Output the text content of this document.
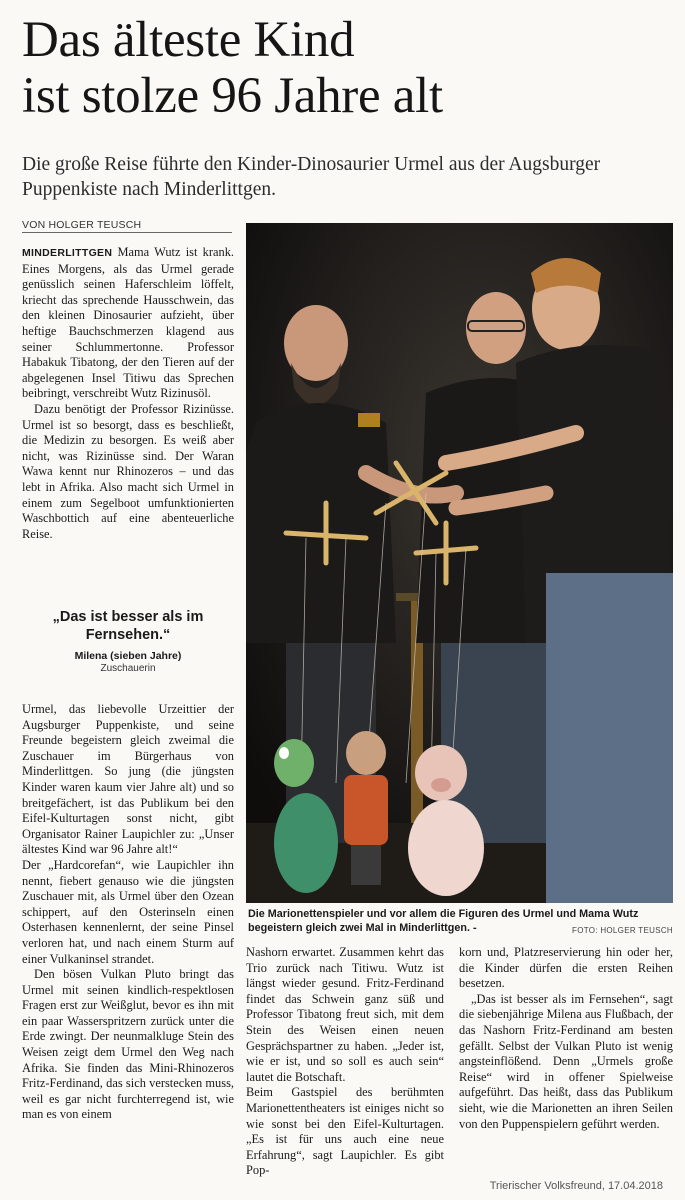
Das älteste Kind
ist stolze 96 Jahre alt

Die große Reise führte den Kinder-Dinosaurier Urmel aus der Augsburger Puppenkiste nach Minderlittgen.

VON HOLGER TEUSCH

MINDERLITTGEN Mama Wutz ist krank. Eines Morgens, als das Urmel gerade genüsslich seinen Haferschleim löffelt, kriecht das sprechende Hausschwein, das den kleinen Dinosaurier aufzieht, über heftige Bauchschmerzen klagend aus seiner Schlummertonne. Professor Habakuk Tibatong, der den Tieren auf der abgelegenen Insel Titiwu das Sprechen beibringt, verschreibt Wutz Rizinusöl.

Dazu benötigt der Professor Rizinüsse. Urmel ist so besorgt, dass es beschließt, die Medizin zu besorgen. Es weiß aber nicht, was Rizinüsse sind. Der Waran Wawa kennt nur Rhinozeros – und das lebt in Afrika. Also macht sich Urmel in einem zum Segelboot umfunktionierten Waschbottich auf eine abenteuerliche Reise.

„Das ist besser als im Fernsehen.“
Milena (sieben Jahre)
Zuschauerin

Urmel, das liebevolle Urzeittier der Augsburger Puppenkiste, und seine Freunde begeistern gleich zweimal die Zuschauer im Bürgerhaus von Minderlittgen. So jung (die jüngsten Kinder waren kaum vier Jahre alt) und so breitgefächert, ist das Publikum bei den Eifel-Kulturtagen sonst nicht, gibt Organisator Rainer Laupichler zu: „Unser ältestes Kind war 96 Jahre alt!“

Der „Hardcorefan“, wie Laupichler ihn nennt, fiebert genauso wie die jüngsten Zuschauer mit, als Urmel über den Ozean schippert, auf den Osterinseln einen Osterhasen kennenlernt, der seine Pinsel verloren hat, und nach einem Sturm auf einer Vulkaninsel strandet.

Den bösen Vulkan Pluto bringt das Urmel mit seinen kindlich-respektlosen Fragen erst zur Weißglut, bevor es ihn mit ein paar Wasserspritzern zurück unter die Erde zwingt. Der neunmalkluge Stein des Weisen zeigt dem Urmel den Weg nach Afrika. Sie finden das Mini-Rhinozeros Fritz-Ferdinand, das sich verstecken muss, weil es gar nicht furchterregend ist, wie man es von einem

Die Marionettenspieler und vor allem die Figuren des Urmel und Mama Wutz begeistern gleich zwei Mal in Minderlittgen. -	FOTO: HOLGER TEUSCH

Nashorn erwartet. Zusammen kehrt das Trio zurück nach Titiwu. Wutz ist längst wieder gesund. Fritz-Ferdinand findet das Schwein ganz süß und Professor Tibatong freut sich, mit dem Stein des Weisen einen neuen Gesprächspartner zu haben. „Jeder ist, wie er ist, und so soll es auch sein“ lautet die Botschaft.

Beim Gastspiel des berühmten Marionettentheaters ist einiges nicht so wie sonst bei den Eifel-Kulturtagen. „Es ist für uns auch eine neue Erfahrung“, sagt Laupichler. Es gibt Pop-

korn und, Platzreservierung hin oder her, die Kinder dürfen die ersten Reihen besetzen.

„Das ist besser als im Fernsehen“, sagt die siebenjährige Milena aus Flußbach, der das Nashorn Fritz-Ferdinand am besten gefällt. Selbst der Vulkan Pluto ist wenig angsteinflößend. Denn „Urmels große Reise“ wird in offener Spielweise aufgeführt. Das heißt, dass das Publikum sieht, wie die Marionetten an ihren Seilen von den Puppenspielern geführt werden.

Trierischer Volksfreund, 17.04.2018
